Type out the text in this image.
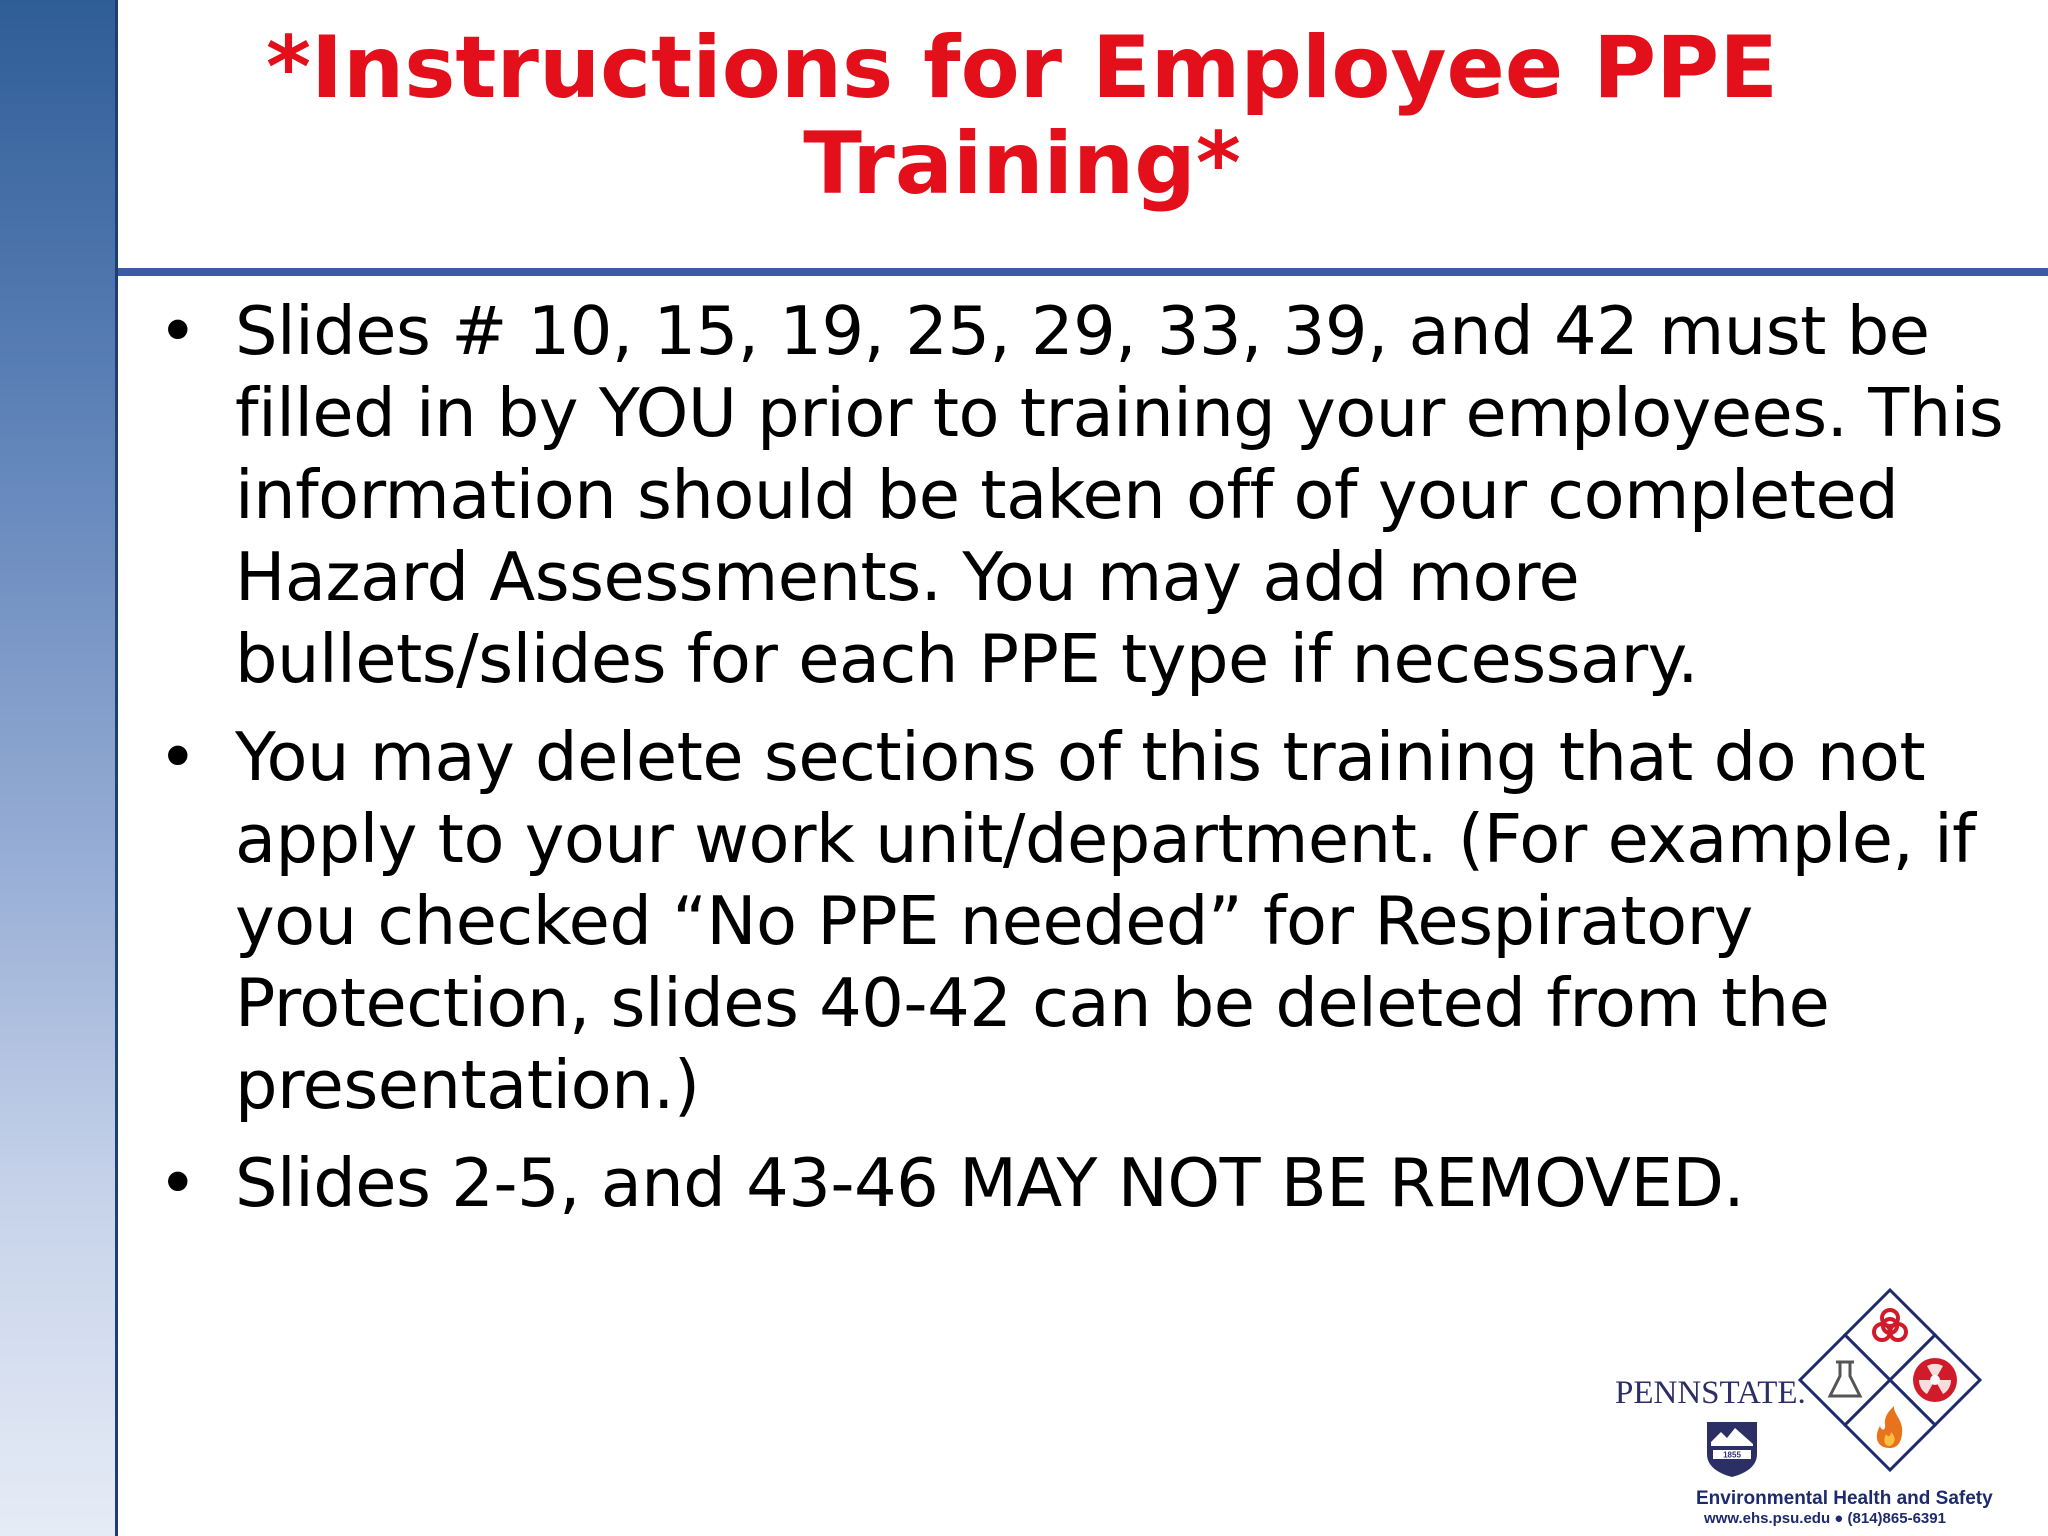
*Instructions for Employee PPE
Training*
• Slides # 10, 15, 19, 25, 29, 33, 39, and 42 must be filled in by YOU prior to training your employees. This information should be taken off of your completed Hazard Assessments. You may add more bullets/slides for each PPE type if necessary.
• You may delete sections of this training that do not apply to your work unit/department. (For example, if you checked “No PPE needed” for Respiratory Protection, slides 40-42 can be deleted from the presentation.)
• Slides 2-5, and 43-46 MAY NOT BE REMOVED.
PENNSTATE.
1855
Environmental Health and Safety
www.ehs.psu.edu ● (814)865-6391
